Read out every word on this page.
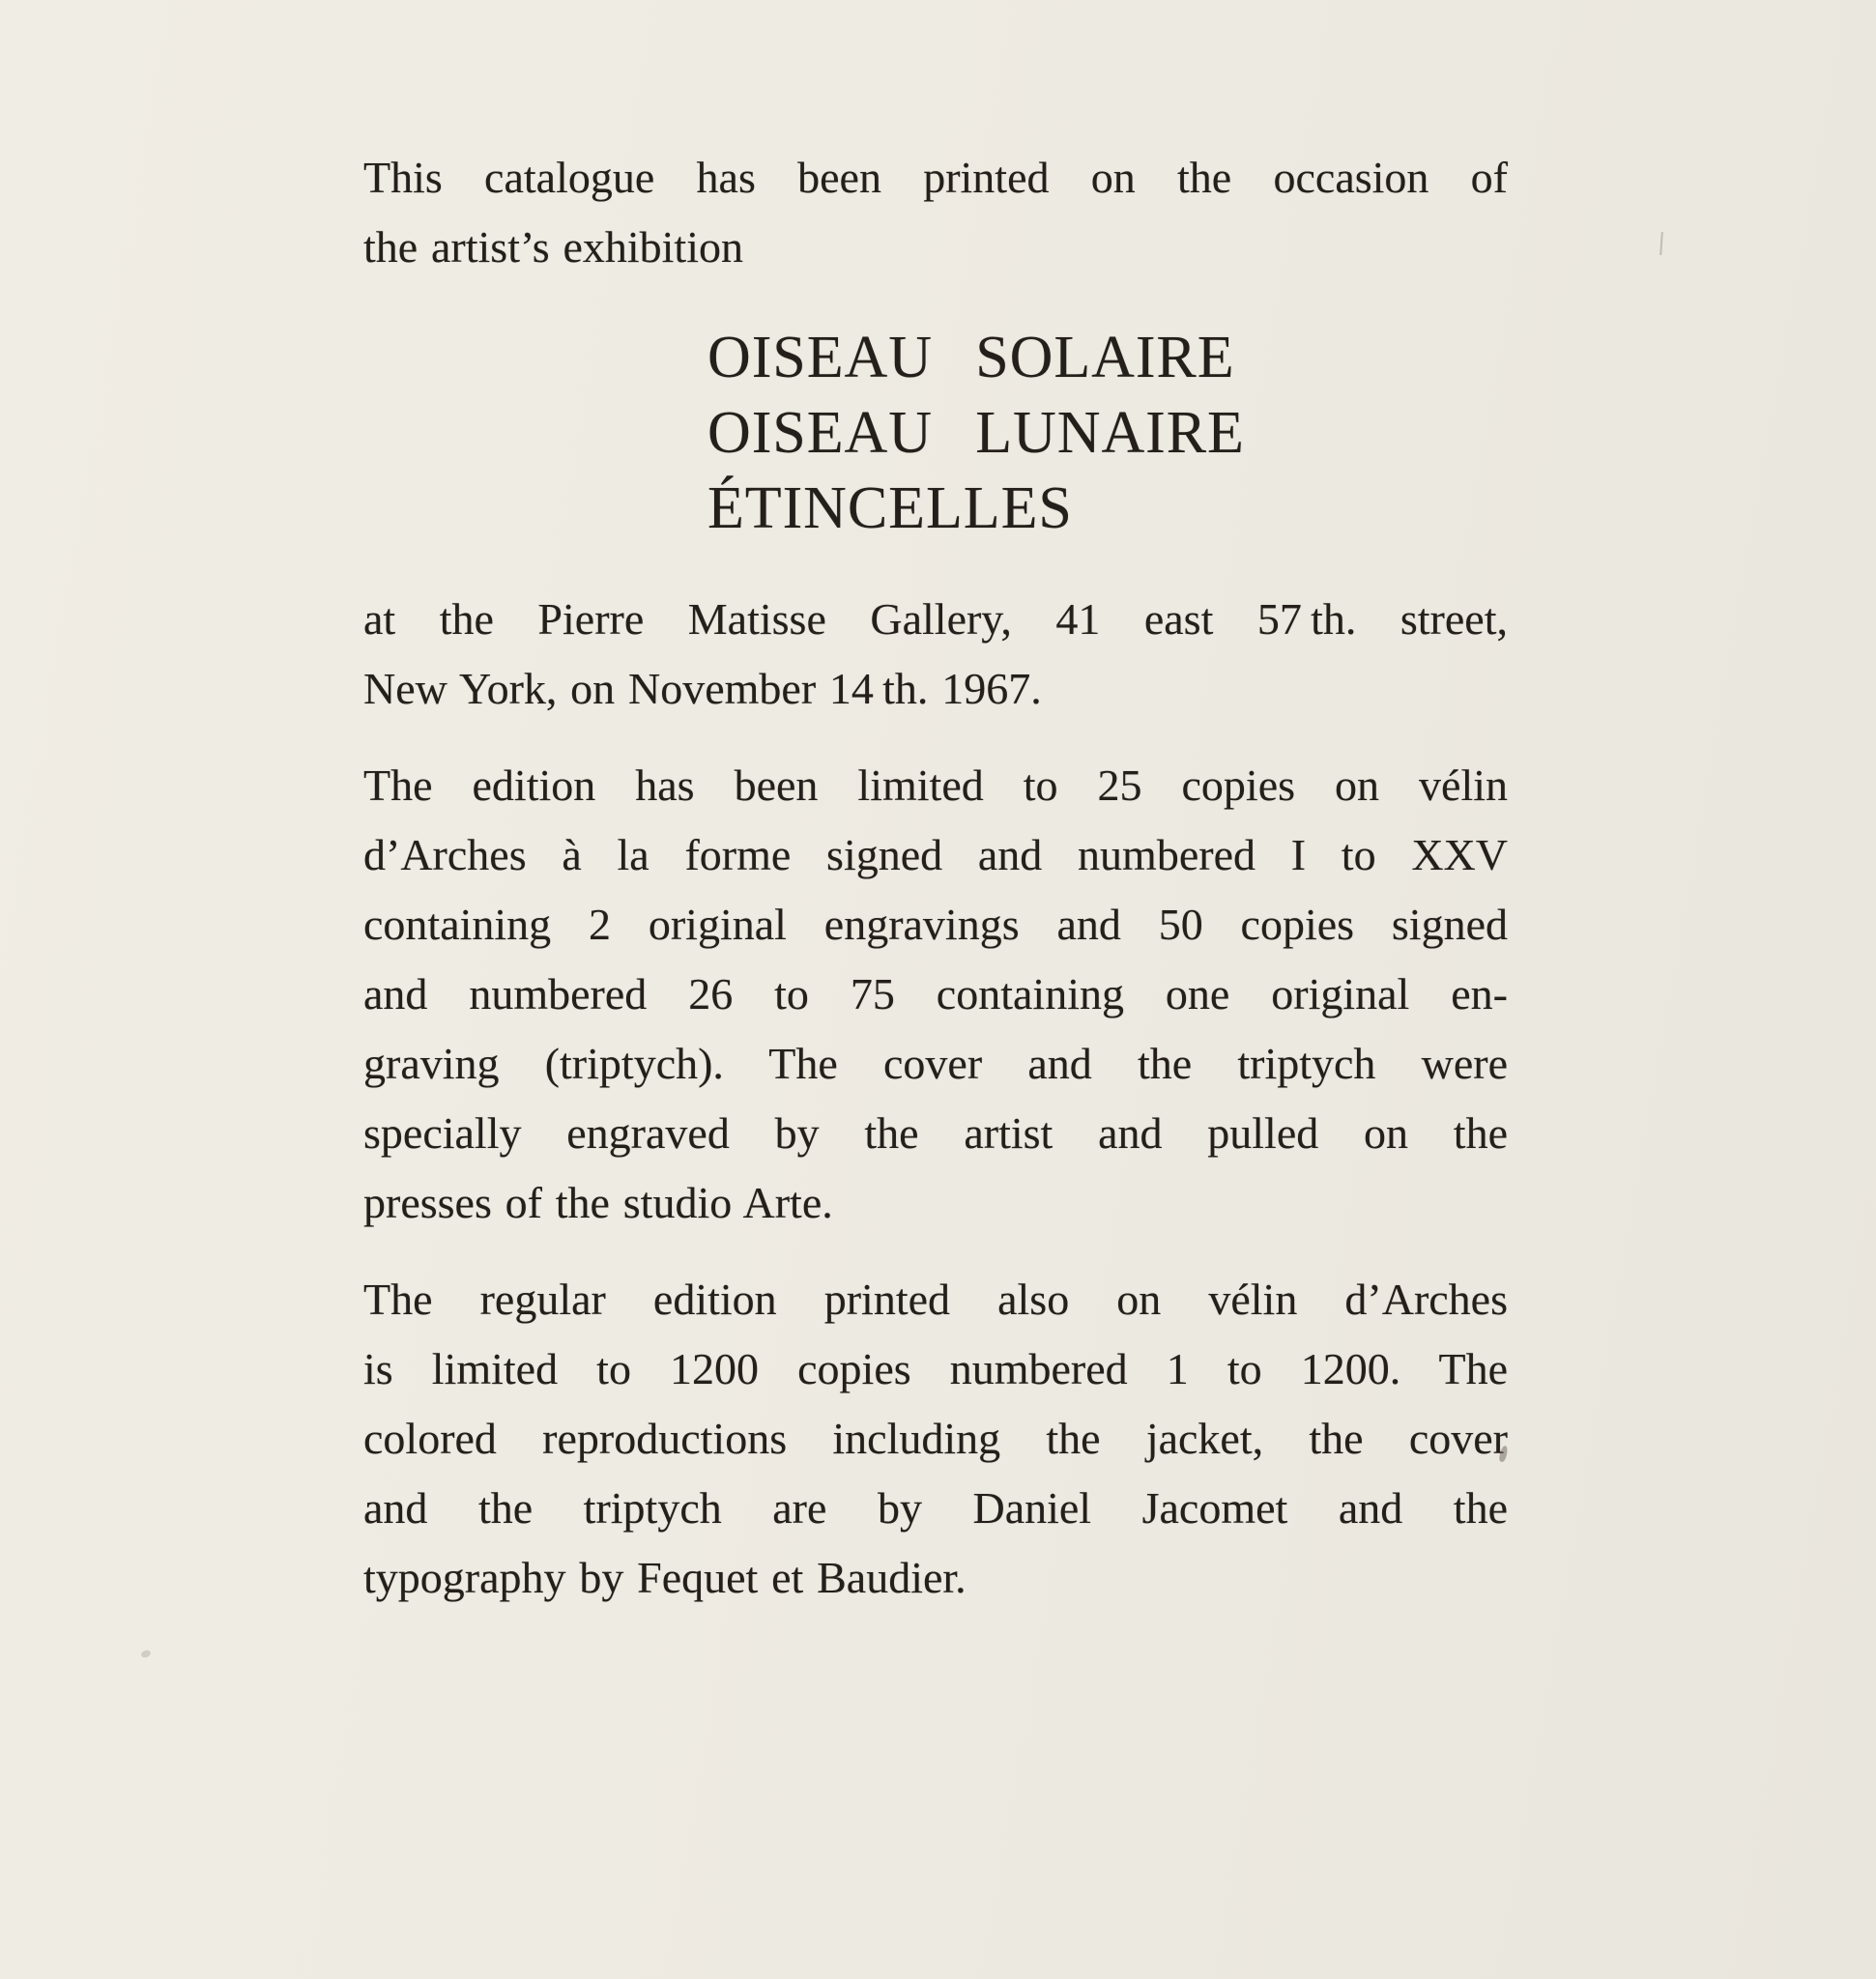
This catalogue has been printed on the occasion of
the artist’s exhibition
OISEAU SOLAIRE
OISEAU LUNAIRE
ÉTINCELLES
at the Pierre Matisse Gallery, 41 east 57 th. street,
New York, on November 14 th. 1967.
The edition has been limited to 25 copies on vélin
d’Arches à la forme signed and numbered I to XXV
containing 2 original engravings and 50 copies signed
and numbered 26 to 75 containing one original en-
graving (triptych). The cover and the triptych were
specially engraved by the artist and pulled on the
presses of the studio Arte.
The regular edition printed also on vélin d’Arches
is limited to 1200 copies numbered 1 to 1200. The
colored reproductions including the jacket, the cover
and the triptych are by Daniel Jacomet and the
typography by Fequet et Baudier.
